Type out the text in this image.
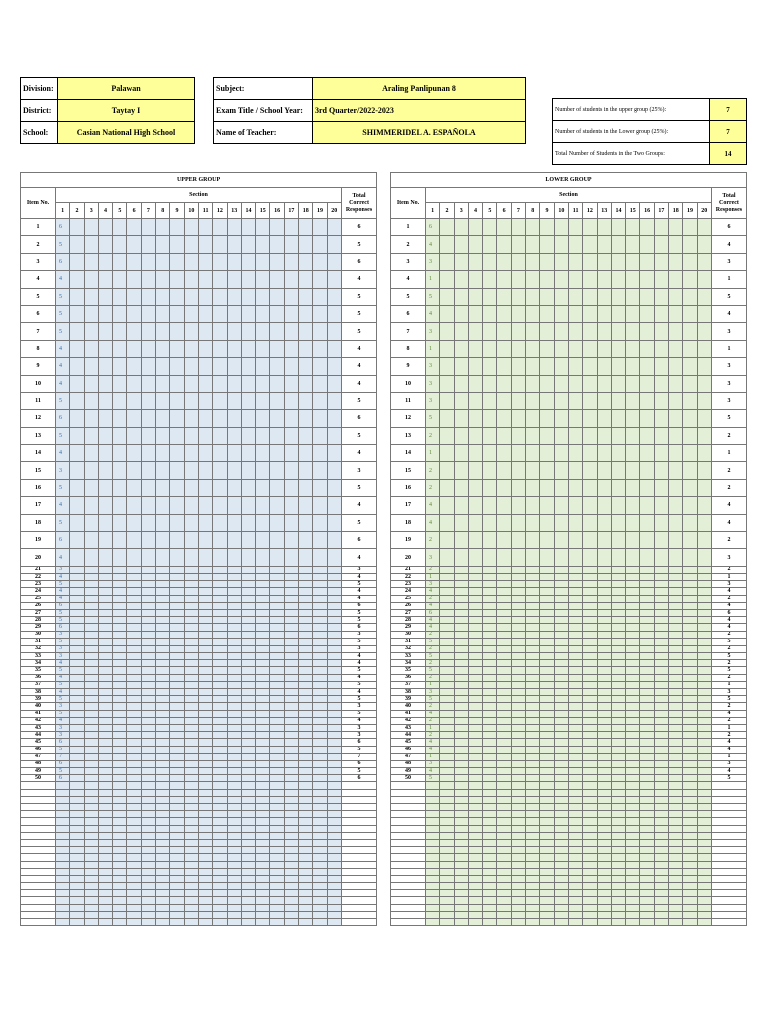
Division:	Palawan		Subject:	Araling Panlipunan 8
District:	Taytay I		Exam Title / School Year:	3rd Quarter/2022-2023
School:	Casian National High School		Name of Teacher:	SHIMMERIDEL A. ESPAÑOLA
Number of students in the upper group (25%):	7
Number of students in the Lower group (25%):	7
Total Number of Students in the Two Groups:	14
UPPER GROUP																					
Item No.	Section																				Total
Correct
Responses

	1	2	3	4	5	6	7	8	9	10	11	12	13	14	15	16	17	18	19	20	
1	6																				6
2	5																				5
3	6																				6
4	4																				4
5	5																				5
6	5																				5
7	5																				5
8	4																				4
9	4																				4
10	4																				4
11	5																				5
12	6																				6
13	5																				5
14	4																				4
15	3																				3
16	5																				5
17	4																				4
18	5																				5
19	6																				6
20	4																				4
21	3																				3
22	4																				4
23	5																				5
24	4																				4
25	4																				4
26	6																				6
27	5																				5
28	5																				5
29	6																				6
30	3																				3
31	5																				5
32	3																				3
33	3																				4
34	4																				4
35	5																				5
36	4																				4
37	5																				5
38	4																				4
39	5																				5
40	3																				3
41	5																				5
42	4																				4
43	3																				3
44	3																				3
45	6																				6
46	5																				5
47	7																				7
48	6																				6
49	5																				5
50	6																				6

LOWER GROUP																					
Item No.	Section																				Total
Correct
Responses

	1	2	3	4	5	6	7	8	9	10	11	12	13	14	15	16	17	18	19	20	
1	6																				6
2	4																				4
3	3																				3
4	1																				1
5	5																				5
6	4																				4
7	3																				3
8	1																				1
9	3																				3
10	3																				3
11	3																				3
12	5																				5
13	2																				2
14	1																				1
15	2																				2
16	2																				2
17	4																				4
18	4																				4
19	2																				2
20	3																				3
21	2																				2
22	1																				1
23	3																				3
24	4																				4
25	2																				2
26	4																				4
27	6																				6
28	4																				4
29	4																				4
30	2																				2
31	5																				5
32	2																				2
33	5																				5
34	2																				2
35	5																				5
36	2																				2
37	1																				1
38	3																				3
39	5																				5
40	2																				2
41	4																				4
42	2																				2
43	1																				1
44	2																				2
45	4																				4
46	4																				4
47	1																				1
48	3																				3
49	4																				4
50	5																				5
